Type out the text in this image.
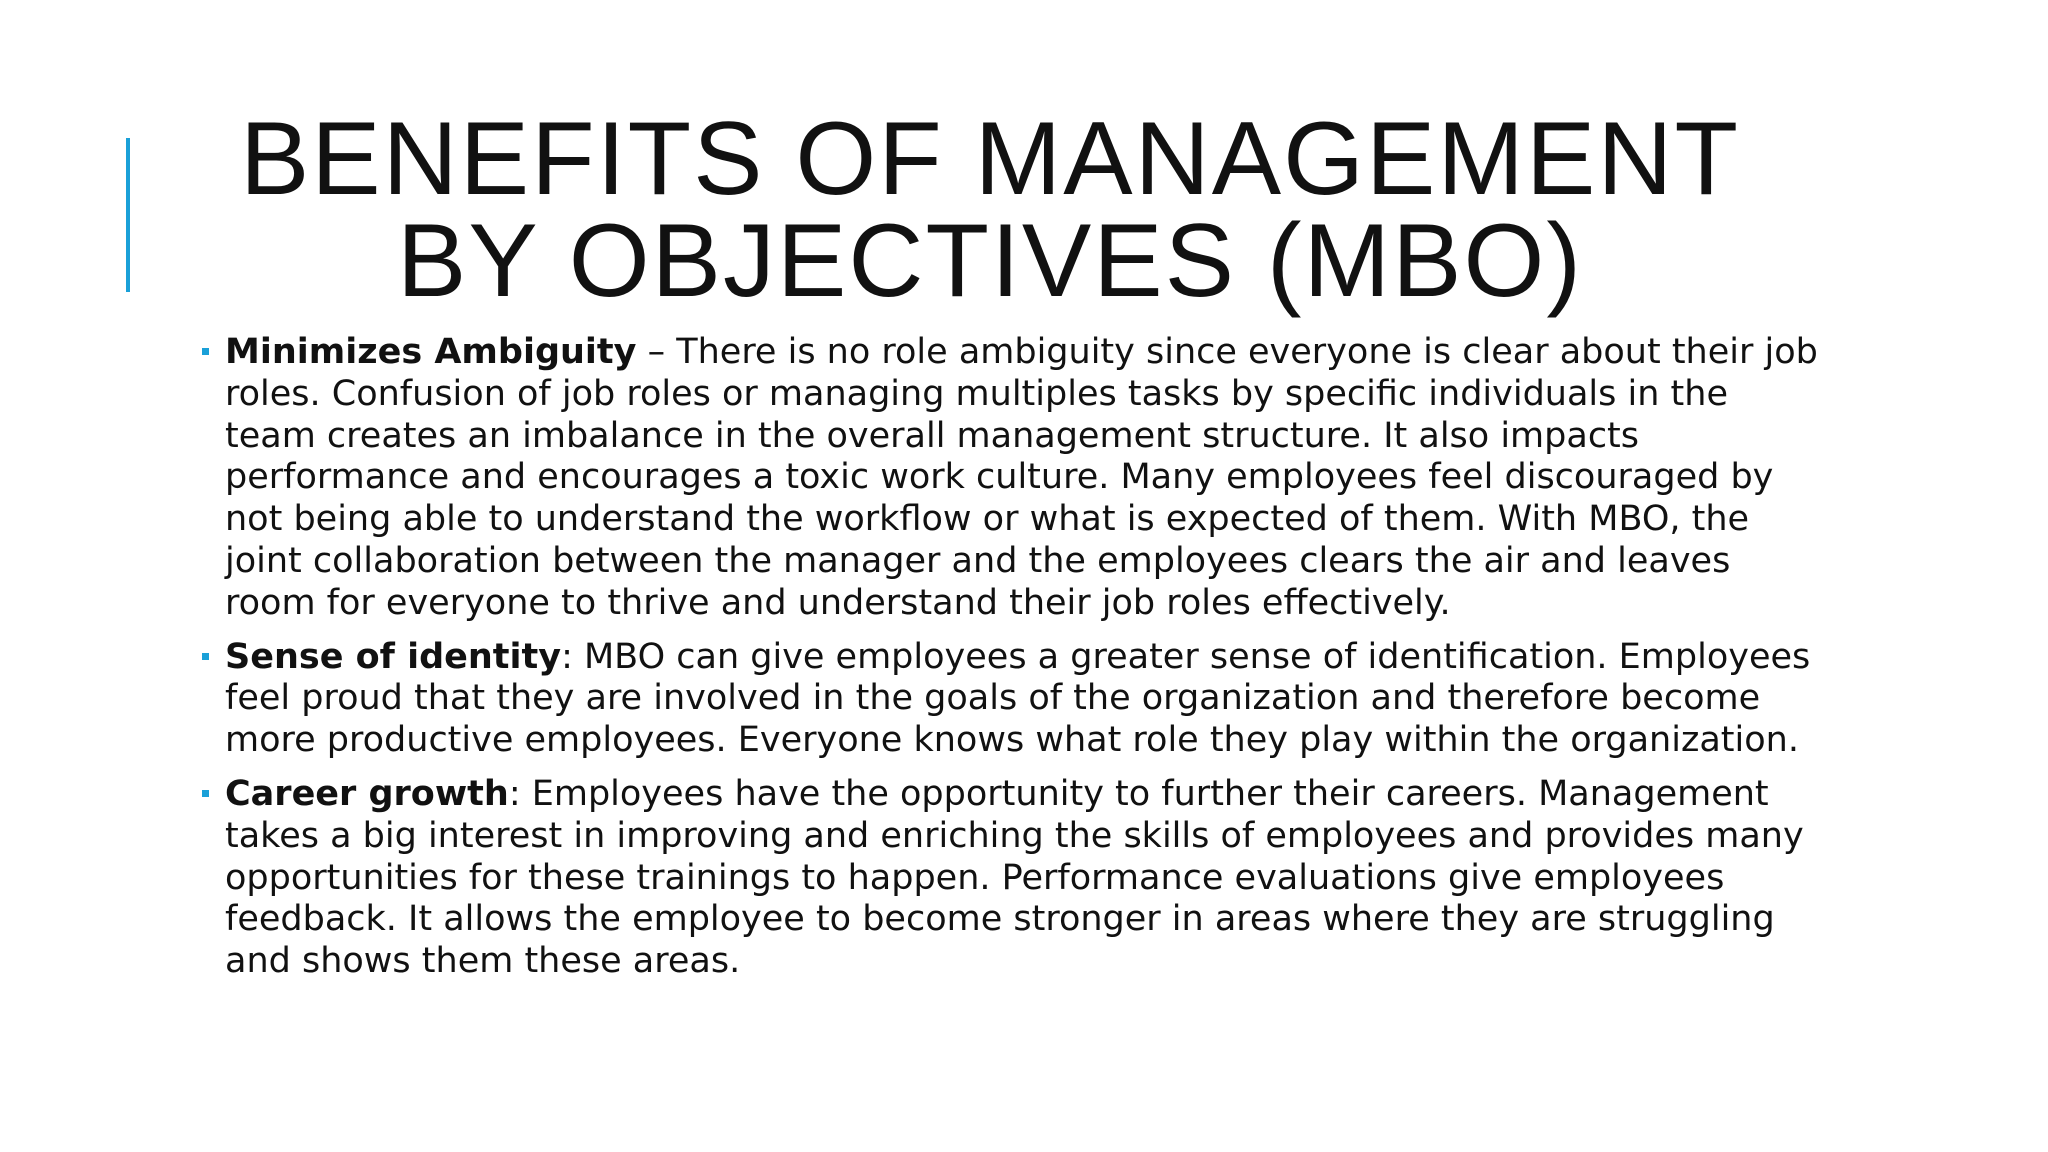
BENEFITS OF MANAGEMENT
BY OBJECTIVES (MBO)
Minimizes Ambiguity – There is no role ambiguity since everyone is clear about their job roles. Confusion of job roles or managing multiples tasks by specific individuals in the team creates an imbalance in the overall management structure. It also impacts performance and encourages a toxic work culture. Many employees feel discouraged by not being able to understand the workflow or what is expected of them. With MBO, the joint collaboration between the manager and the employees clears the air and leaves room for everyone to thrive and understand their job roles effectively.
Sense of identity: MBO can give employees a greater sense of identification. Employees feel proud that they are involved in the goals of the organization and therefore become more productive employees. Everyone knows what role they play within the organization.
Career growth: Employees have the opportunity to further their careers. Management takes a big interest in improving and enriching the skills of employees and provides many opportunities for these trainings to happen. Performance evaluations give employees feedback. It allows the employee to become stronger in areas where they are struggling and shows them these areas.
